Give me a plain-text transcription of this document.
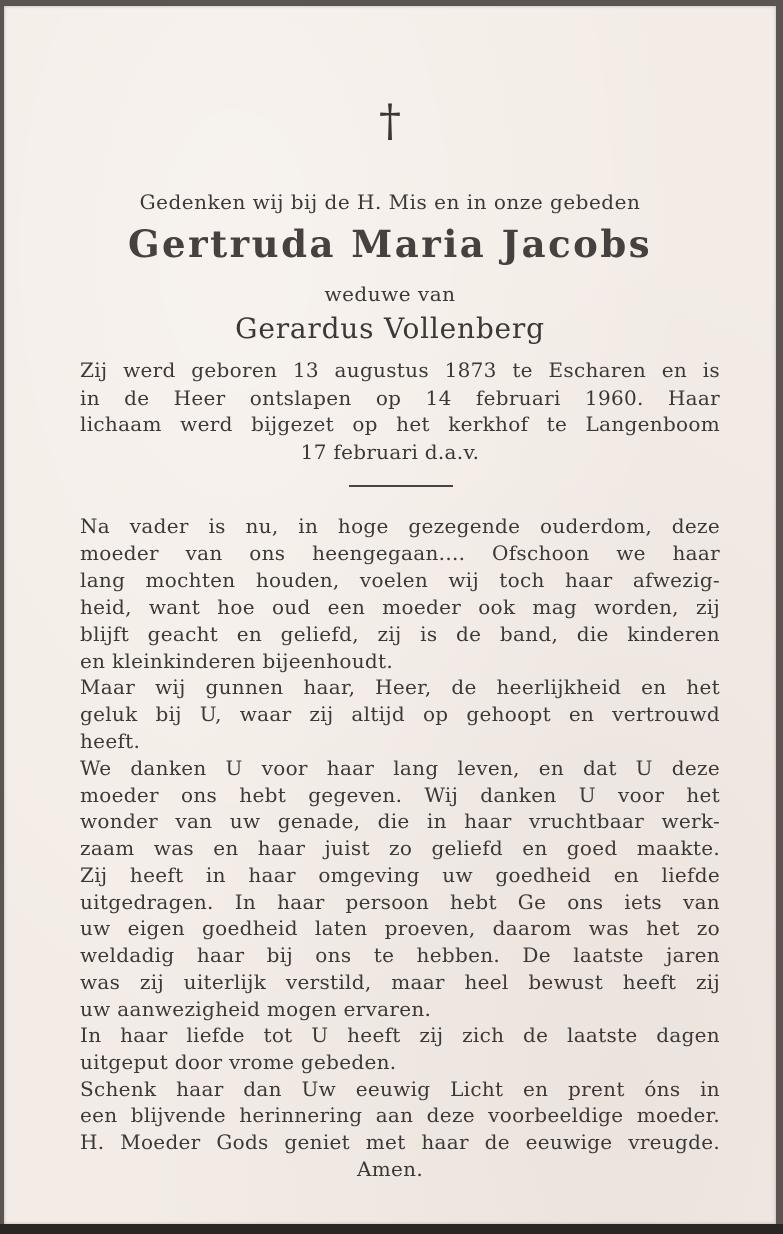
†
Gedenken wij bij de H. Mis en in onze gebeden
Gertruda Maria Jacobs
weduwe van
Gerardus Vollenberg
Zij werd geboren 13 augustus 1873 te Escharen en is
in de Heer ontslapen op 14 februari 1960. Haar
lichaam werd bijgezet op het kerkhof te Langenboom
17 februari d.a.v.
Na vader is nu, in hoge gezegende ouderdom, deze
moeder van ons heengegaan.... Ofschoon we haar
lang mochten houden, voelen wij toch haar afwezig-
heid, want hoe oud een moeder ook mag worden, zij
blijft geacht en geliefd, zij is de band, die kinderen
en kleinkinderen bijeenhoudt.
Maar wij gunnen haar, Heer, de heerlijkheid en het
geluk bij U, waar zij altijd op gehoopt en vertrouwd
heeft.
We danken U voor haar lang leven, en dat U deze
moeder ons hebt gegeven. Wij danken U voor het
wonder van uw genade, die in haar vruchtbaar werk-
zaam was en haar juist zo geliefd en goed maakte.
Zij heeft in haar omgeving uw goedheid en liefde
uitgedragen. In haar persoon hebt Ge ons iets van
uw eigen goedheid laten proeven, daarom was het zo
weldadig haar bij ons te hebben. De laatste jaren
was zij uiterlijk verstild, maar heel bewust heeft zij
uw aanwezigheid mogen ervaren.
In haar liefde tot U heeft zij zich de laatste dagen
uitgeput door vrome gebeden.
Schenk haar dan Uw eeuwig Licht en prent óns in
een blijvende herinnering aan deze voorbeeldige moeder.
H. Moeder Gods geniet met haar de eeuwige vreugde.
Amen.
